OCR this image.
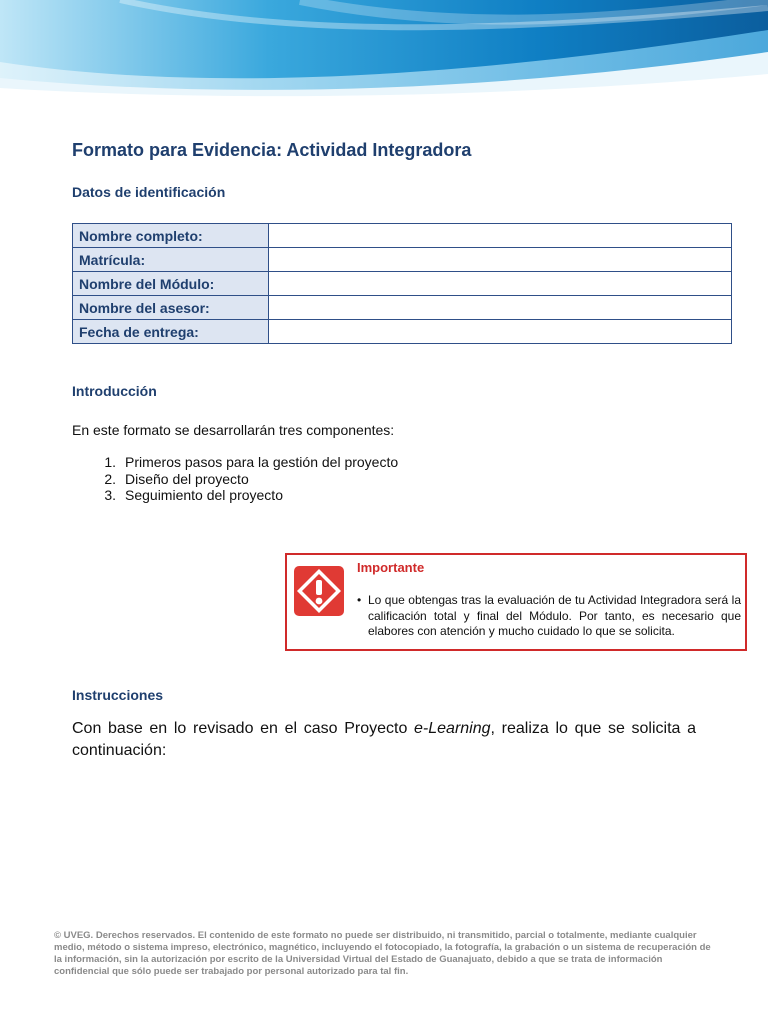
Formato para Evidencia: Actividad Integradora
Datos de identificación
Nombre completo:	
Matrícula:	
Nombre del Módulo:	
Nombre del asesor:	
Fecha de entrega:	
Introducción

En este formato se desarrollarán tres componentes:

1. Primeros pasos para la gestión del proyecto
2. Diseño del proyecto
3. Seguimiento del proyecto
Importante
• Lo que obtengas tras la evaluación de tu Actividad Integradora será la calificación total y final del Módulo. Por tanto, es necesario que elabores con atención y mucho cuidado lo que se solicita.
Instrucciones

Con base en lo revisado en el caso Proyecto e-Learning, realiza lo que se solicita a continuación:

© UVEG. Derechos reservados. El contenido de este formato no puede ser distribuido, ni transmitido, parcial o totalmente, mediante cualquier medio, método o sistema impreso, electrónico, magnético, incluyendo el fotocopiado, la fotografía, la grabación o un sistema de recuperación de la información, sin la autorización por escrito de la Universidad Virtual del Estado de Guanajuato, debido a que se trata de información confidencial que sólo puede ser trabajado por personal autorizado para tal fin.
